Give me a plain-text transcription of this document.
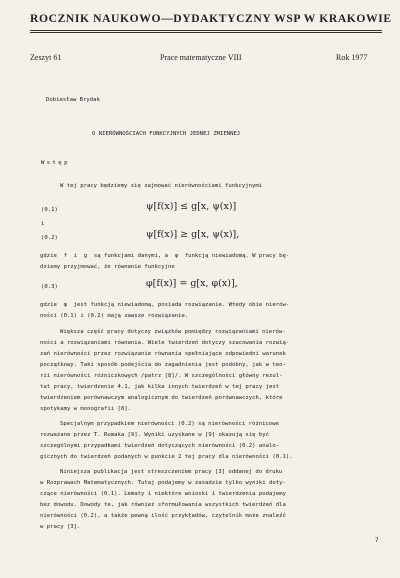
ROCZNIK NAUKOWO—DYDAKTYCZNY WSP W KRAKOWIE
Zeszyt 61	Prace matematyczne VIII	Rok 1977
Dobiesław Brydak
O NIERÓWNOŚCIACH FUNKCYJNYCH JEDNEJ ZMIENNEJ
Wstęp
W tej pracy będziemy się zajmować nierównościami funkcyjnymi
(0.1)	ψ[f(x)] ≤ g[x, ψ(x)]
i
(0.2)	ψ[f(x)] ≥ g[x, ψ(x)],
gdzie  f  i  g  są funkcjami danymi, a  ψ  funkcją niewiadomą. W pracy bę-
dziemy przyjmować, że równanie funkcyjne
(0.3)	φ[f(x)] = g[x, φ(x)],
gdzie  φ  jest funkcją niewiadomą, posiada rozwiązanie. Wtedy obie nierów-
ności (0.1) i (0.2) mają zawsze rozwiązanie.
Większa część pracy dotyczy związków pomiędzy rozwiązaniami nierów-
ności a rozwiązaniami równania. Wiele twierdzeń dotyczy szacowania rozwią-
zań nierówności przez rozwiązanie równania spełniające odpowiedni warunek
początkowy. Taki sposób podejścia do zagadnienia jest podobny, jak w teo-
rii nierówności różniczkowych /patrz [8]/. W szczególności główny rezul-
tat pracy, twierdzenie 4.1, jak kilka innych twierdzeń w tej pracy jest
twierdzeniem porównawczym analogicznym do twierdzeń porównawczych, które
spotykamy w monografii [8].
Specjalnym przypadkiem nierówności (0.2) są nierówności różnicowe
rozważane przez T. Rumaka [9]. Wyniki uzyskane w [9] okazują się być
szczególnymi przypadkami twierdzeń dotyczących nierówności (0.2) analo-
gicznych do twierdzeń podanych w punkcie 2 tej pracy dla nierówności (0.1).
Niniejsza publikacja jest streszczeniem pracy [3] oddanej do druku
w Rozprawach Matematycznych. Tutaj podajemy w zasadzie tylko wyniki doty-
czące nierówności (0.1). Lematy i niektóre wnioski i twierdzenia podajemy
bez dowodu. Dowody te, jak również sformułowania wszystkich twierdzeń dla
nierówności (0.2), a także pewną ilość przykładów, czytelnik może znaleźć
w pracy [3].
7
